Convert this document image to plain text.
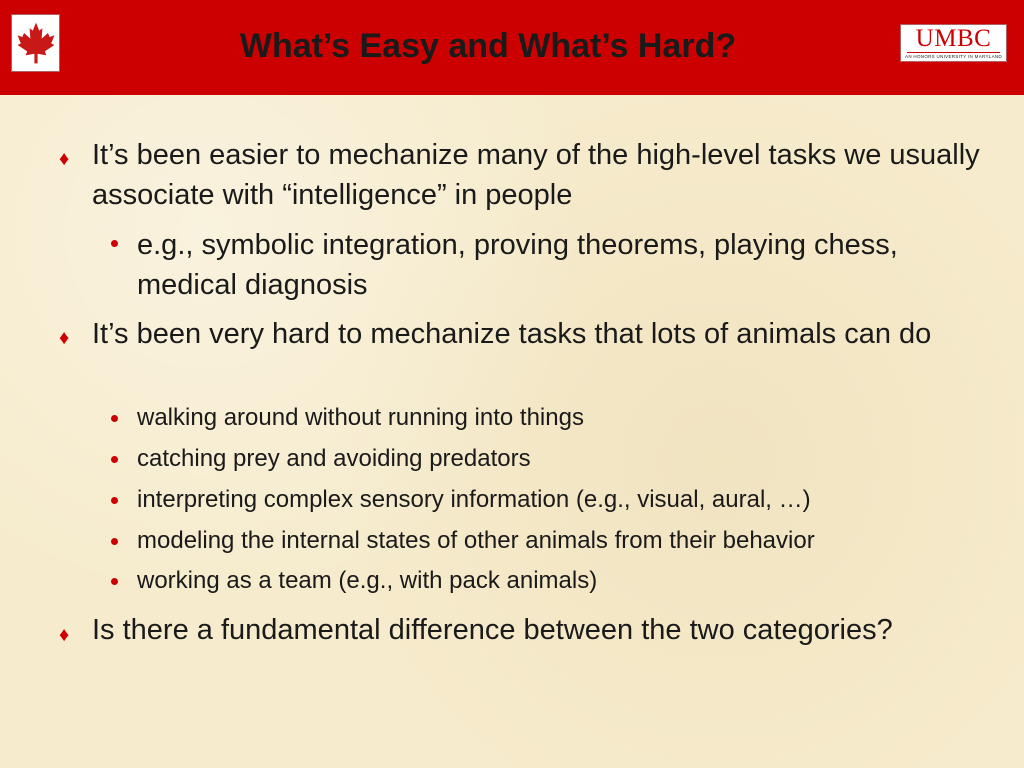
What’s Easy and What’s Hard?	UMBC
AN HONORS UNIVERSITY IN MARYLAND
♦ It’s been easier to mechanize many of the high-level tasks we usually associate with “intelligence” in people
e.g., symbolic integration, proving theorems, playing chess, medical diagnosis
♦ It’s been very hard to mechanize tasks that lots of animals can do
walking around without running into things
catching prey and avoiding predators
interpreting complex sensory information (e.g., visual, aural, …)
modeling the internal states of other animals from their behavior
working as a team (e.g., with pack animals)
♦ Is there a fundamental difference between the two categories?
